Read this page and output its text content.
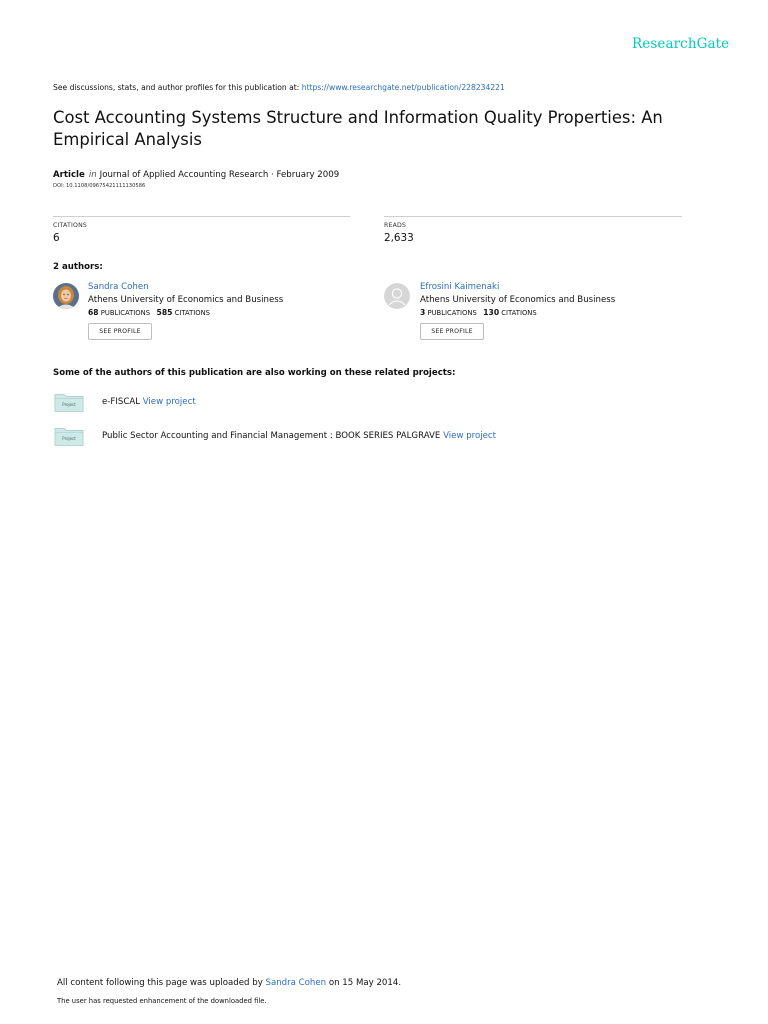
ResearchGate
See discussions, stats, and author profiles for this publication at: https://www.researchgate.net/publication/228234221
Cost Accounting Systems Structure and Information Quality Properties: An Empirical Analysis
Article in Journal of Applied Accounting Research · February 2009
DOI: 10.1108/09675421111130586
CITATIONS
6
READS
2,633
2 authors:
Sandra Cohen
Athens University of Economics and Business
68 PUBLICATIONS 585 CITATIONS
SEE PROFILE
Efrosini Kaimenaki
Athens University of Economics and Business
3 PUBLICATIONS 130 CITATIONS
SEE PROFILE
Some of the authors of this publication are also working on these related projects:
Project	e-FISCAL View project
Project	Public Sector Accounting and Financial Management : BOOK SERIES PALGRAVE View project
All content following this page was uploaded by Sandra Cohen on 15 May 2014.
The user has requested enhancement of the downloaded file.
